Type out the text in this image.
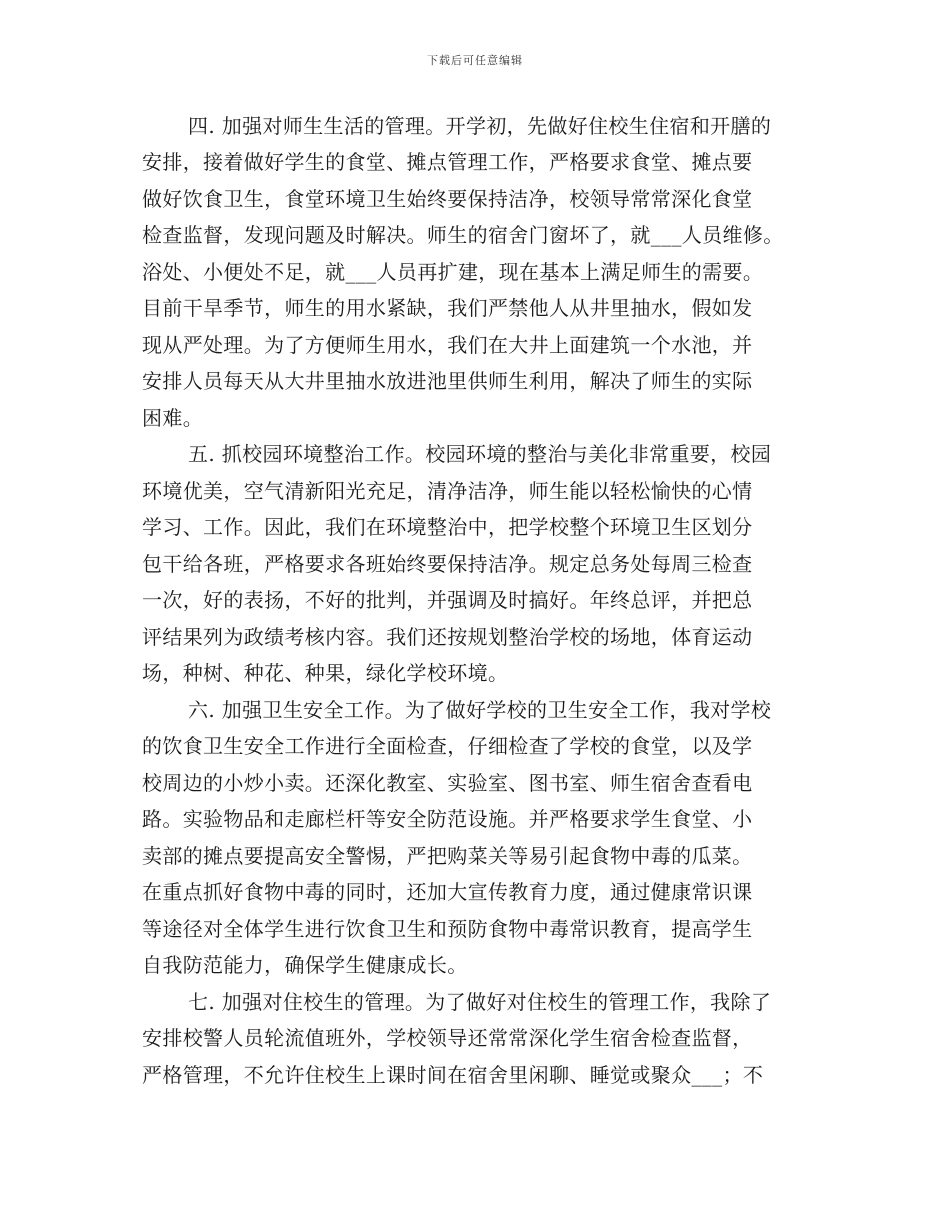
下载后可任意编辑
四. 加强对师生生活的管理。开学初，先做好住校生住宿和开膳的
安排，接着做好学生的食堂、摊点管理工作，严格要求食堂、摊点要
做好饮食卫生，食堂环境卫生始终要保持洁净，校领导常常深化食堂
检查监督，发现问题及时解决。师生的宿舍门窗坏了，就___人员维修。
浴处、小便处不足，就___人员再扩建，现在基本上满足师生的需要。
目前干旱季节，师生的用水紧缺，我们严禁他人从井里抽水，假如发
现从严处理。为了方便师生用水，我们在大井上面建筑一个水池，并
安排人员每天从大井里抽水放进池里供师生利用，解决了师生的实际
困难。
五. 抓校园环境整治工作。校园环境的整治与美化非常重要，校园
环境优美，空气清新阳光充足，清净洁净，师生能以轻松愉快的心情
学习、工作。因此，我们在环境整治中，把学校整个环境卫生区划分
包干给各班，严格要求各班始终要保持洁净。规定总务处每周三检查
一次，好的表扬，不好的批判，并强调及时搞好。年终总评，并把总
评结果列为政绩考核内容。我们还按规划整治学校的场地，体育运动
场，种树、种花、种果，绿化学校环境。
六. 加强卫生安全工作。为了做好学校的卫生安全工作，我对学校
的饮食卫生安全工作进行全面检查，仔细检查了学校的食堂，以及学
校周边的小炒小卖。还深化教室、实验室、图书室、师生宿舍查看电
路。实验物品和走廊栏杆等安全防范设施。并严格要求学生食堂、小
卖部的摊点要提高安全警惕，严把购菜关等易引起食物中毒的瓜菜。
在重点抓好食物中毒的同时，还加大宣传教育力度，通过健康常识课
等途径对全体学生进行饮食卫生和预防食物中毒常识教育，提高学生
自我防范能力，确保学生健康成长。
七. 加强对住校生的管理。为了做好对住校生的管理工作，我除了
安排校警人员轮流值班外，学校领导还常常深化学生宿舍检查监督，
严格管理，不允许住校生上课时间在宿舍里闲聊、睡觉或聚众___；不
